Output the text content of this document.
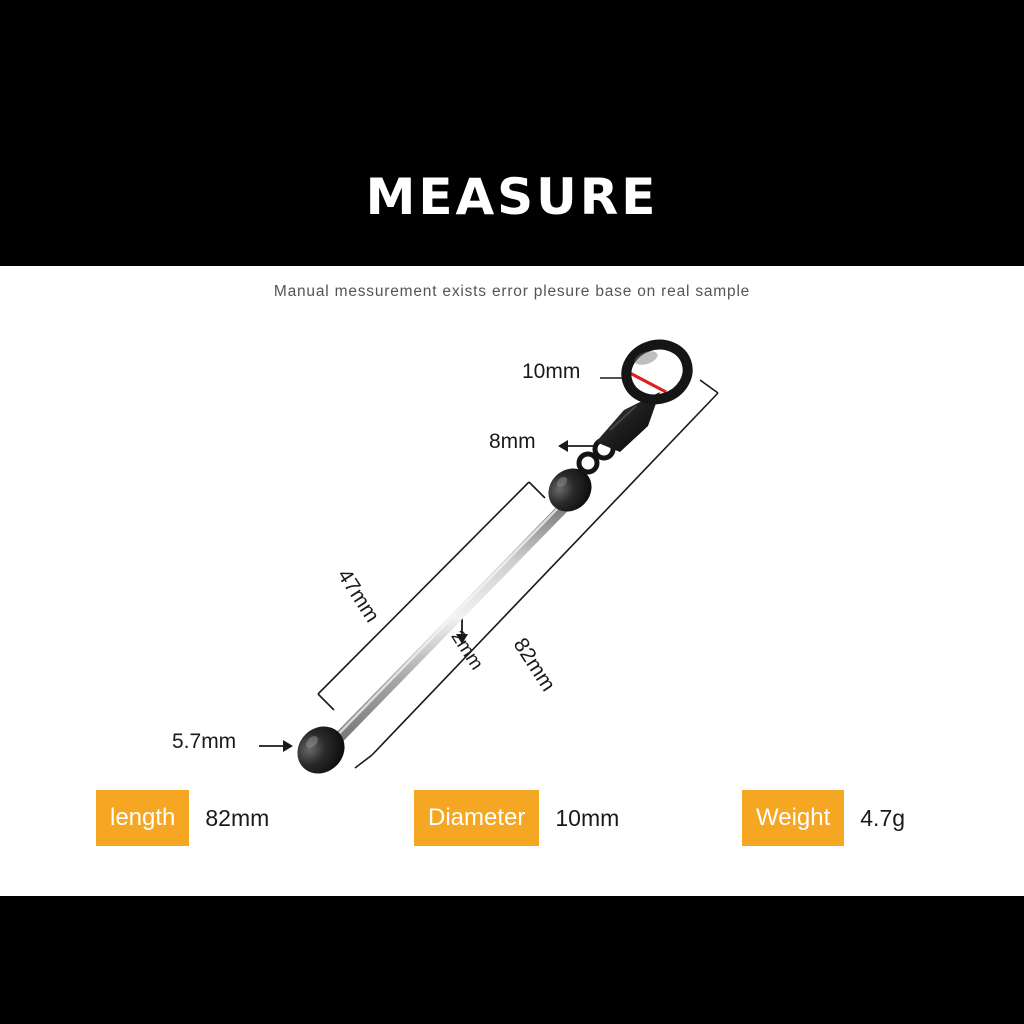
MEASURE
Manual messurement exists error plesure base on real sample
10mm
8mm
47mm
2mm 82mm
5.7mm
length	82mm	Diameter	10mm	Weight	4.7g
